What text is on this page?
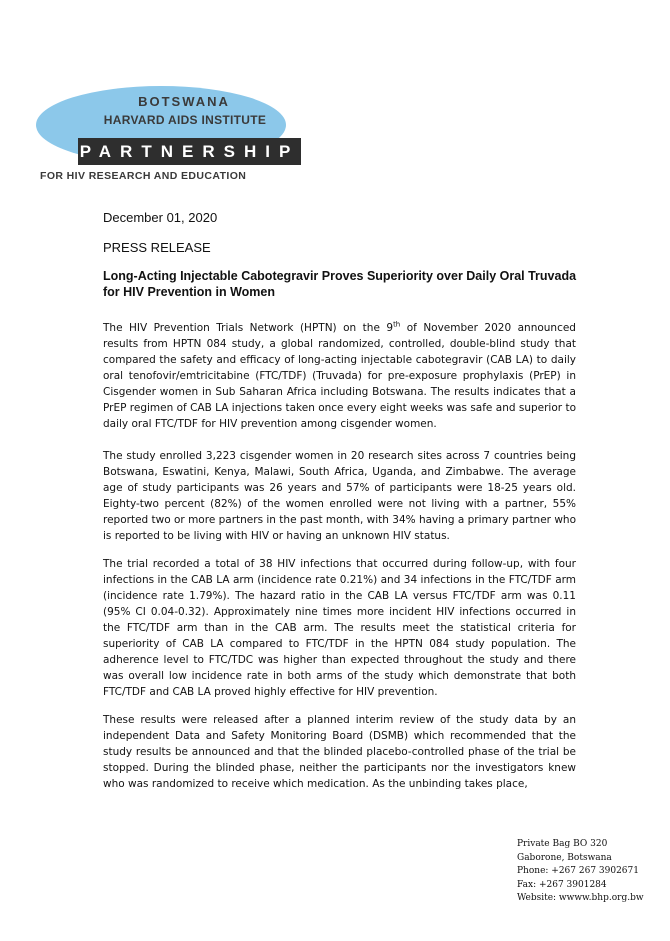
BOTSWANA
HARVARD AIDS INSTITUTE
PARTNERSHIP
FOR HIV RESEARCH AND EDUCATION
December 01, 2020
PRESS RELEASE
Long-Acting Injectable Cabotegravir Proves Superiority over Daily Oral Truvada for HIV Prevention in Women

The HIV Prevention Trials Network (HPTN) on the 9th of November 2020 announced results from HPTN 084 study, a global randomized, controlled, double-blind study that compared the safety and efficacy of long-acting injectable cabotegravir (CAB LA) to daily oral tenofovir/emtricitabine (FTC/TDF) (Truvada) for pre-exposure prophylaxis (PrEP) in Cisgender women in Sub Saharan Africa including Botswana. The results indicates that a PrEP regimen of CAB LA injections taken once every eight weeks was safe and superior to daily oral FTC/TDF for HIV prevention among cisgender women.

The study enrolled 3,223 cisgender women in 20 research sites across 7 countries being Botswana, Eswatini, Kenya, Malawi, South Africa, Uganda, and Zimbabwe. The average age of study participants was 26 years and 57% of participants were 18-25 years old. Eighty-two percent (82%) of the women enrolled were not living with a partner, 55% reported two or more partners in the past month, with 34% having a primary partner who is reported to be living with HIV or having an unknown HIV status.

The trial recorded a total of 38 HIV infections that occurred during follow-up, with four infections in the CAB LA arm (incidence rate 0.21%) and 34 infections in the FTC/TDF arm (incidence rate 1.79%). The hazard ratio in the CAB LA versus FTC/TDF arm was 0.11 (95% CI 0.04-0.32). Approximately nine times more incident HIV infections occurred in the FTC/TDF arm than in the CAB arm. The results meet the statistical criteria for superiority of CAB LA compared to FTC/TDF in the HPTN 084 study population. The adherence level to FTC/TDC was higher than expected throughout the study and there was overall low incidence rate in both arms of the study which demonstrate that both FTC/TDF and CAB LA proved highly effective for HIV prevention.

These results were released after a planned interim review of the study data by an independent Data and Safety Monitoring Board (DSMB) which recommended that the study results be announced and that the blinded placebo-controlled phase of the trial be stopped. During the blinded phase, neither the participants nor the investigators knew who was randomized to receive which medication. As the unbinding takes place,

Private Bag BO 320
Gaborone, Botswana
Phone: +267 267 3902671
Fax: +267 3901284
Website: wwww.bhp.org.bw
